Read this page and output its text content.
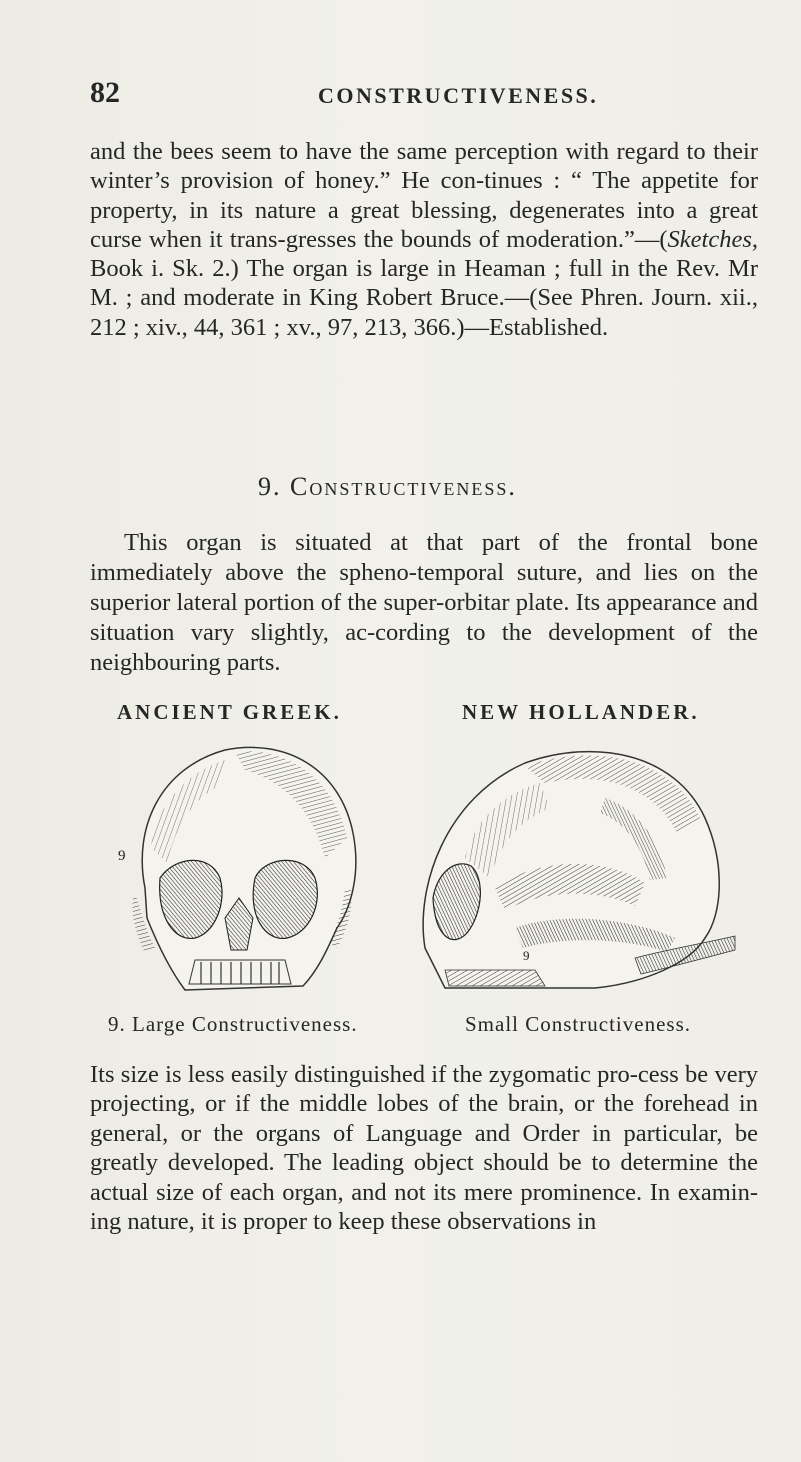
82	CONSTRUCTIVENESS.

and the bees seem to have the same perception with regard to their winter’s provision of honey.” He con-tinues : “ The appetite for property, in its nature a great blessing, degenerates into a great curse when it trans-gresses the bounds of moderation.”—(Sketches, Book i. Sk. 2.) The organ is large in Heaman ; full in the Rev. Mr M. ; and moderate in King Robert Bruce.—(See Phren. Journ. xii., 212 ; xiv., 44, 361 ; xv., 97, 213, 366.)—Established.

9. Constructiveness.

This organ is situated at that part of the frontal bone immediately above the spheno-temporal suture, and lies on the superior lateral portion of the super-orbitar plate. Its appearance and situation vary slightly, ac-cording to the development of the neighbouring parts.

ANCIENT GREEK.	NEW HOLLANDER.
9
9
9. Large Constructiveness.	Small Constructiveness.

Its size is less easily distinguished if the zygomatic pro-cess be very projecting, or if the middle lobes of the brain, or the forehead in general, or the organs of Language and Order in particular, be greatly developed. The leading object should be to determine the actual size of each organ, and not its mere prominence. In examin-ing nature, it is proper to keep these observations in
